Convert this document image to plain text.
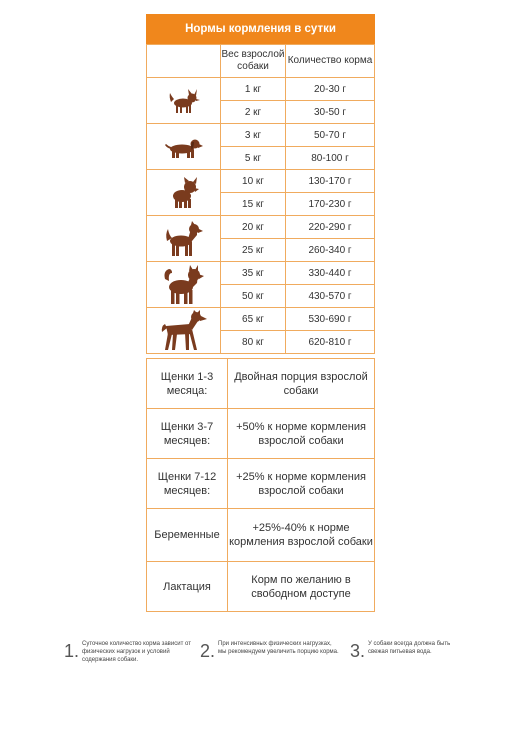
Нормы кормления в сутки
	Вес взрослой собаки	Количество корма

	1 кг	20-30 г
	2 кг	30-50 г

	3 кг	50-70 г
	5 кг	80-100 г

	10 кг	130-170 г
	15 кг	170-230 г

	20 кг	220-290 г
	25 кг	260-340 г

	35 кг	330-440 г
	50 кг	430-570 г

	65 кг	530-690 г
	80 кг	620-810 г
Щенки 1-3 месяца:	Двойная порция взрослой собаки
Щенки 3-7 месяцев:	+50% к норме кормления взрослой собаки
Щенки 7-12 месяцев:	+25% к норме кормления взрослой собаки
Беременные	+25%-40% к норме кормления взрослой собаки
Лактация	Корм по желанию в свободном доступе
1. Суточное количество корма зависит от физических нагрузок и условий содержания собаки.	2. При интенсивных физических нагрузках, мы рекомендуем увеличить порцию корма. 3. У собаки всегда должна быть свежая питьевая вода.
